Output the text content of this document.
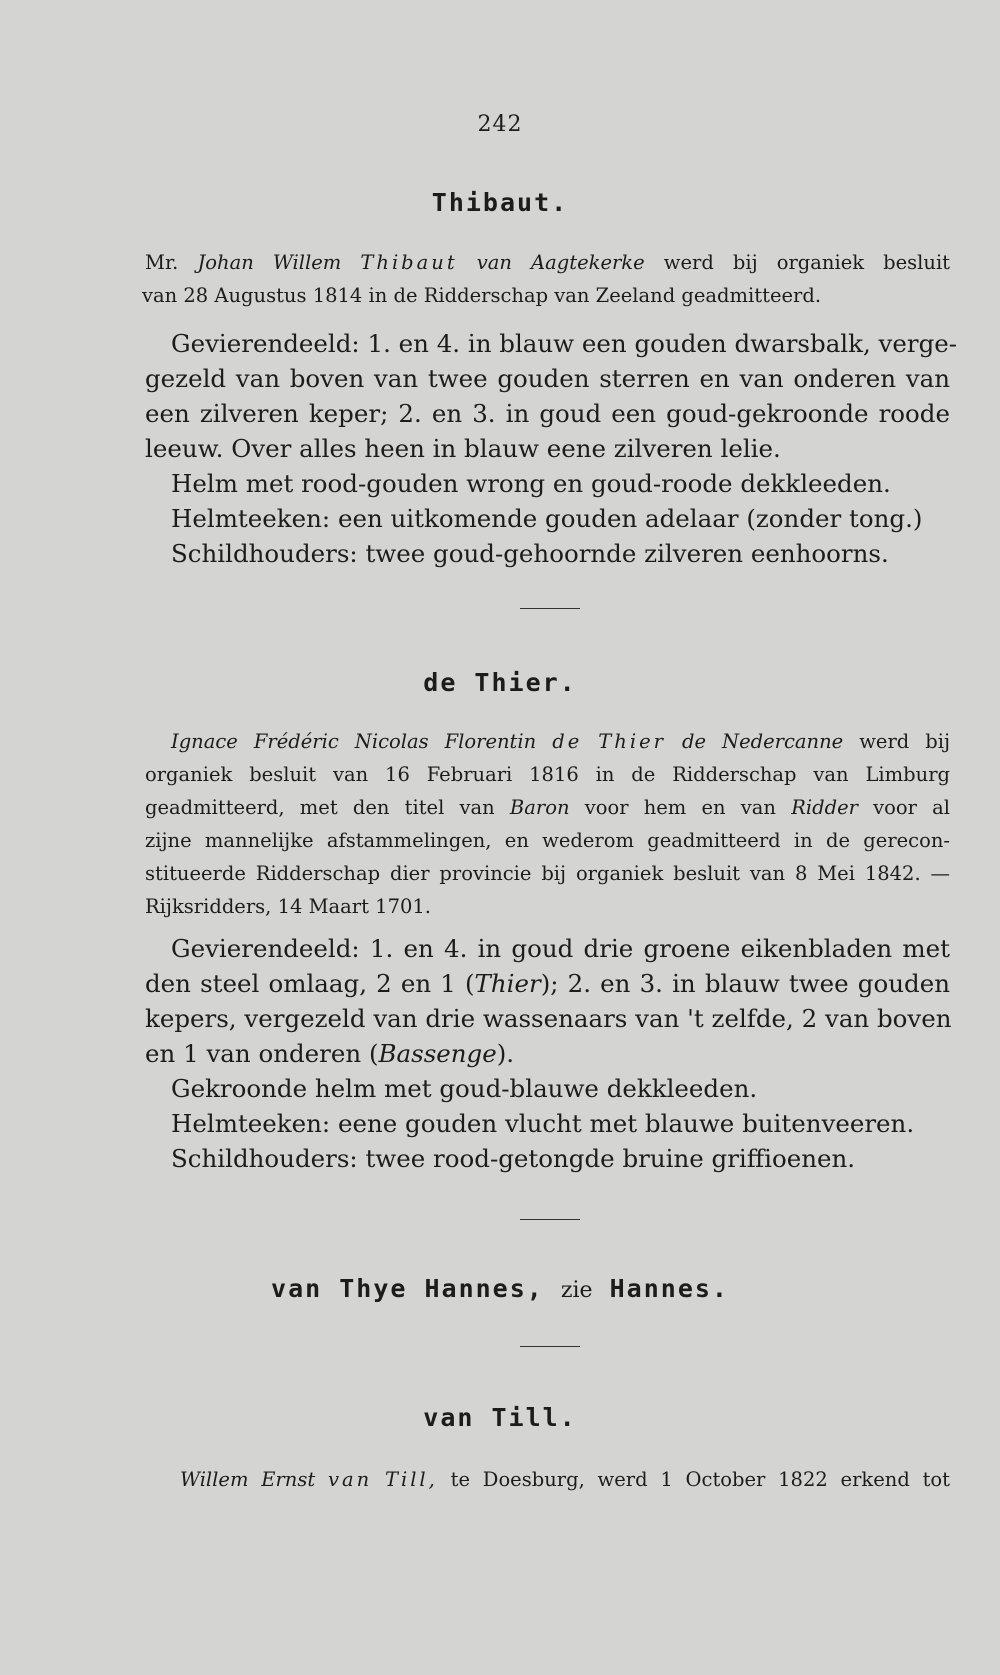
242
Thibaut.
Mr. Johan Willem Thibaut van Aagtekerke werd bij organiek besluit
van 28 Augustus 1814 in de Ridderschap van Zeeland geadmitteerd.
Gevierendeeld: 1. en 4. in blauw een gouden dwarsbalk, verge-
gezeld van boven van twee gouden sterren en van onderen van
een zilveren keper; 2. en 3. in goud een goud-gekroonde roode
leeuw. Over alles heen in blauw eene zilveren lelie.
Helm met rood-gouden wrong en goud-roode dekkleeden.
Helmteeken: een uitkomende gouden adelaar (zonder tong.)
Schildhouders: twee goud-gehoornde zilveren eenhoorns.
de Thier.
Ignace Frédéric Nicolas Florentin de Thier de Nedercanne werd bij
organiek besluit van 16 Februari 1816 in de Ridderschap van Limburg
geadmitteerd, met den titel van Baron voor hem en van Ridder voor al
zijne mannelijke afstammelingen, en wederom geadmitteerd in de gerecon-
stitueerde Ridderschap dier provincie bij organiek besluit van 8 Mei 1842. —
Rijksridders, 14 Maart 1701.
Gevierendeeld: 1. en 4. in goud drie groene eikenbladen met
den steel omlaag, 2 en 1 (Thier); 2. en 3. in blauw twee gouden
kepers, vergezeld van drie wassenaars van 't zelfde, 2 van boven
en 1 van onderen (Bassenge).
Gekroonde helm met goud-blauwe dekkleeden.
Helmteeken: eene gouden vlucht met blauwe buitenveeren.
Schildhouders: twee rood-getongde bruine griffioenen.
van Thye Hannes, zie Hannes.
van Till.
Willem Ernst van Till, te Doesburg, werd 1 October 1822 erkend tot
